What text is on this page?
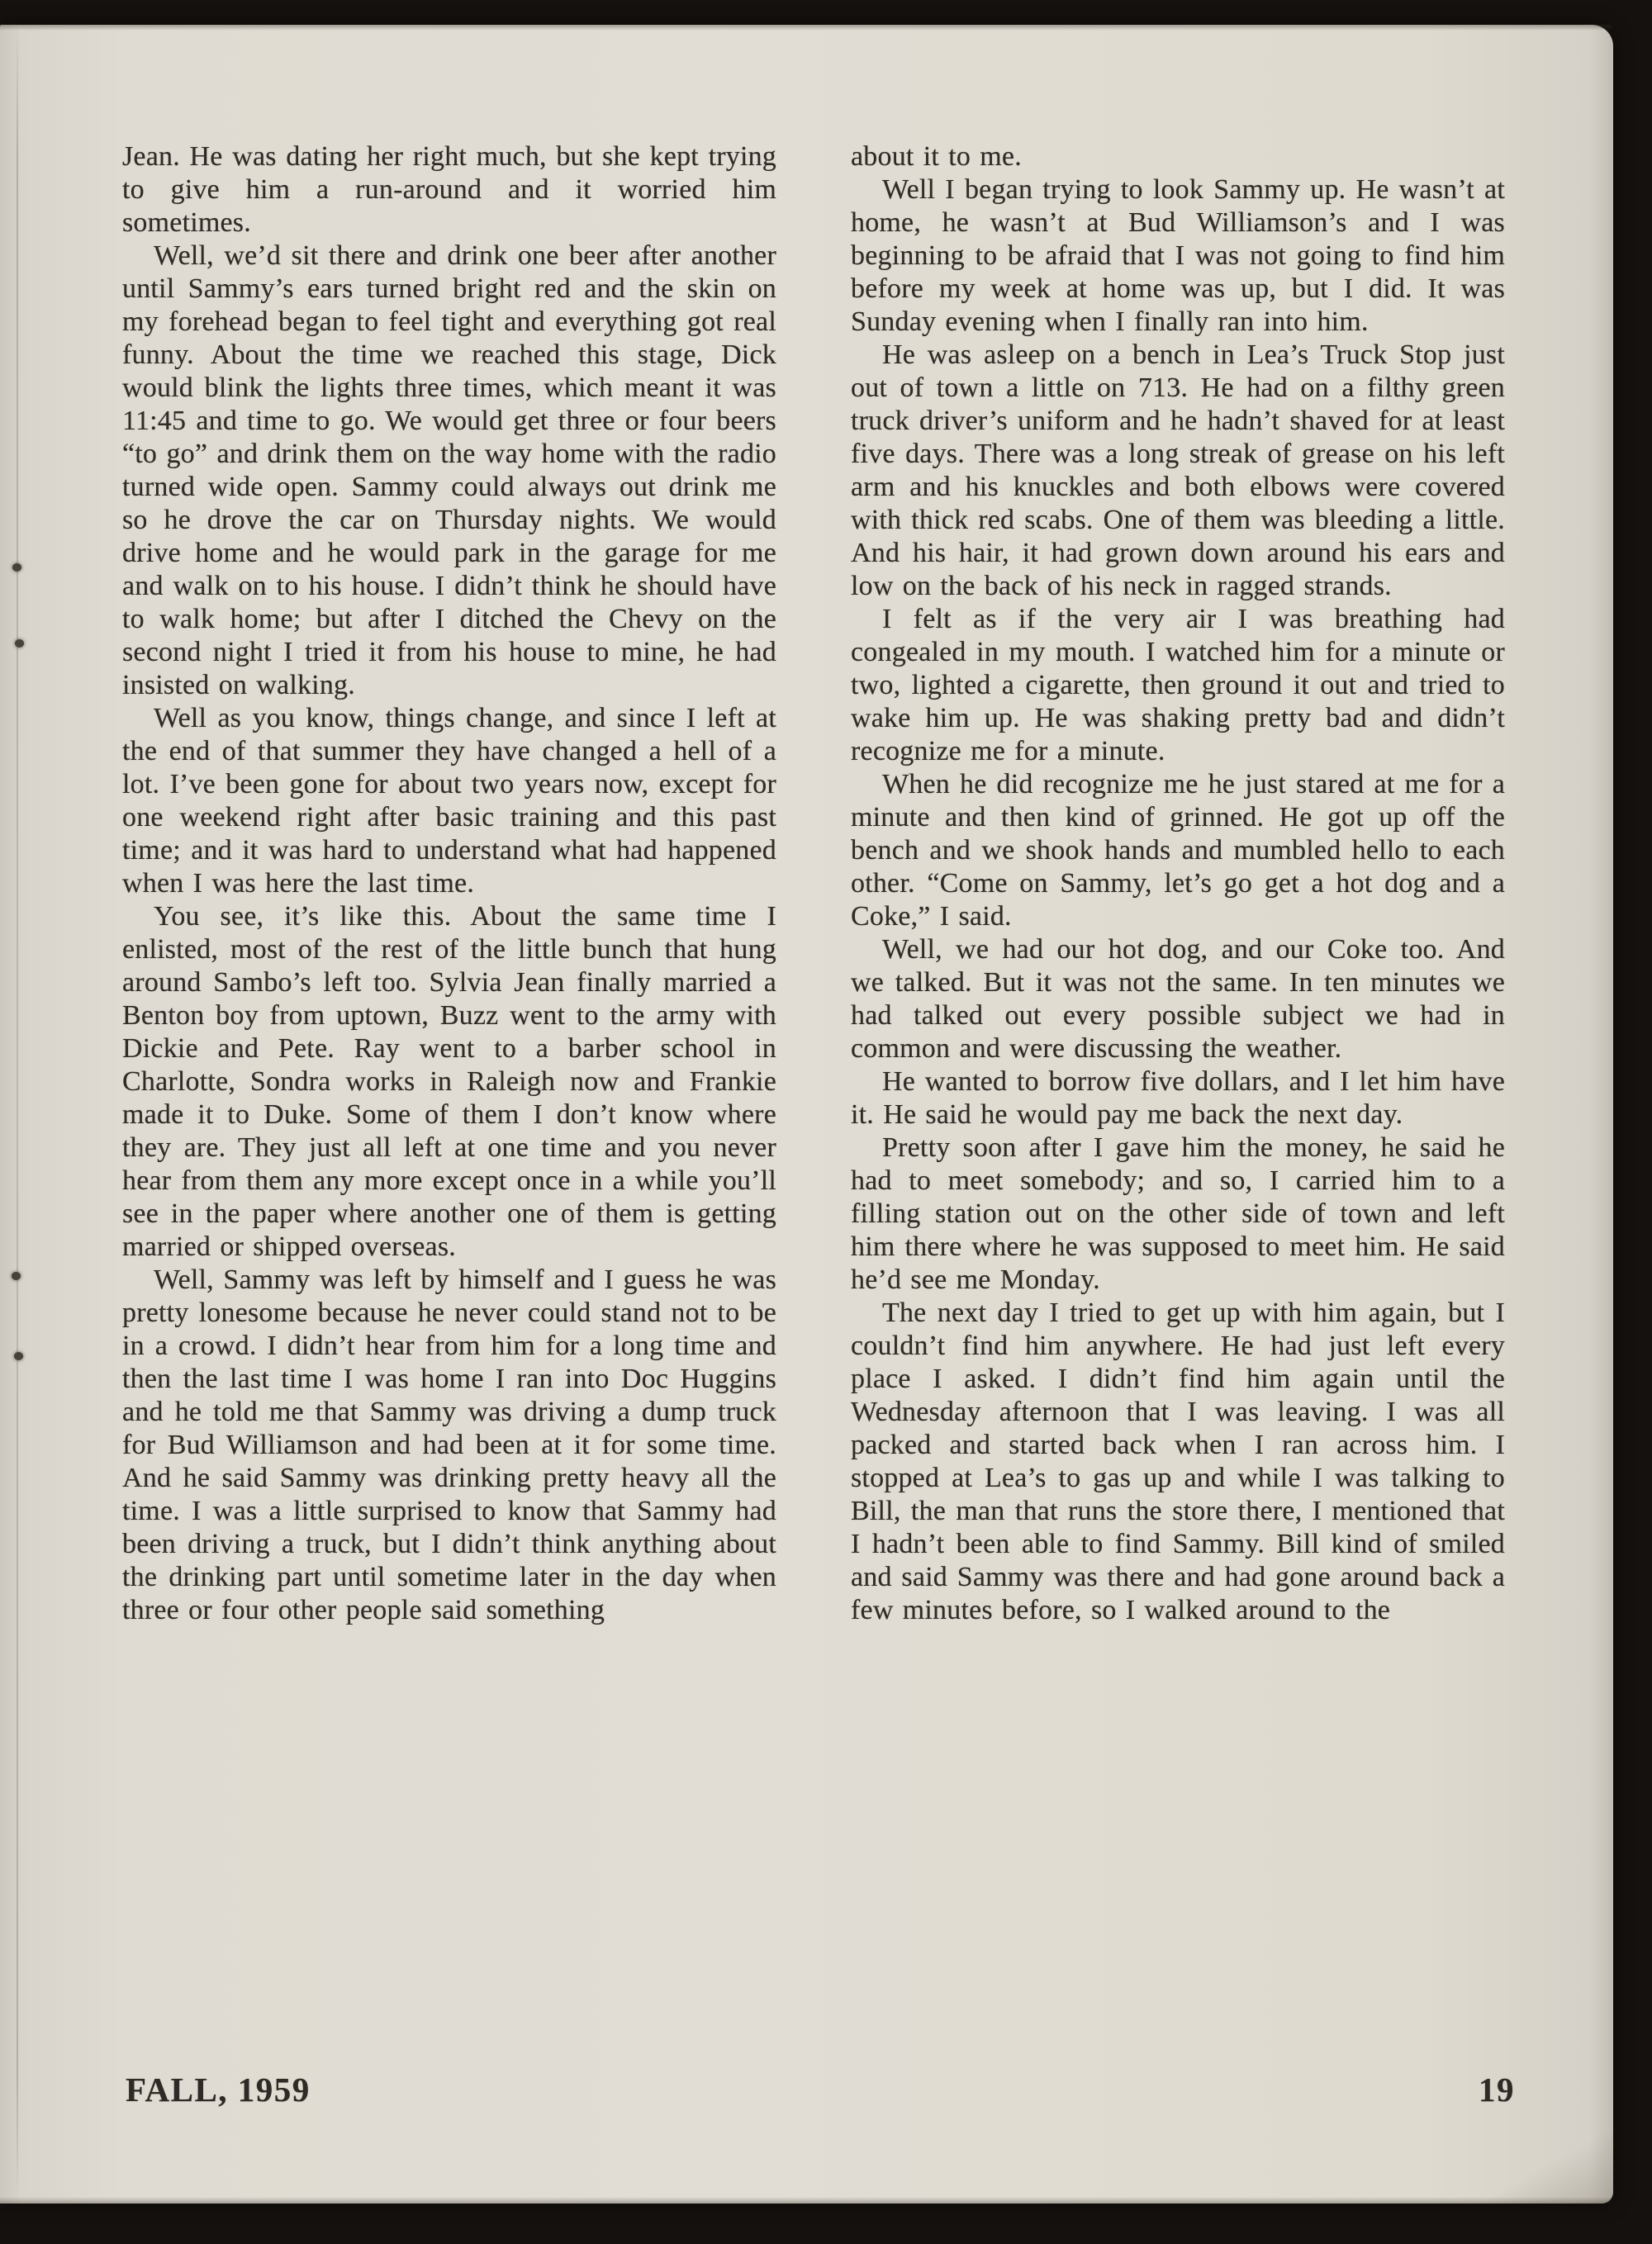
Jean. He was dating her right much, but she kept trying to give him a run-around and it worried him sometimes.

Well, we’d sit there and drink one beer after another until Sammy’s ears turned bright red and the skin on my forehead began to feel tight and everything got real funny. About the time we reached this stage, Dick would blink the lights three times, which meant it was 11:45 and time to go. We would get three or four beers “to go” and drink them on the way home with the radio turned wide open. Sammy could always out drink me so he drove the car on Thursday nights. We would drive home and he would park in the garage for me and walk on to his house. I didn’t think he should have to walk home; but after I ditched the Chevy on the second night I tried it from his house to mine, he had insisted on walking.

Well as you know, things change, and since I left at the end of that summer they have changed a hell of a lot. I’ve been gone for about two years now, except for one weekend right after basic training and this past time; and it was hard to understand what had happened when I was here the last time.

You see, it’s like this. About the same time I enlisted, most of the rest of the little bunch that hung around Sambo’s left too. Sylvia Jean finally married a Benton boy from uptown, Buzz went to the army with Dickie and Pete. Ray went to a barber school in Charlotte, Sondra works in Raleigh now and Frankie made it to Duke. Some of them I don’t know where they are. They just all left at one time and you never hear from them any more except once in a while you’ll see in the paper where another one of them is getting married or shipped overseas.

Well, Sammy was left by himself and I guess he was pretty lonesome because he never could stand not to be in a crowd. I didn’t hear from him for a long time and then the last time I was home I ran into Doc Huggins and he told me that Sammy was driving a dump truck for Bud Williamson and had been at it for some time. And he said Sammy was drinking pretty heavy all the time. I was a little surprised to know that Sammy had been driving a truck, but I didn’t think anything about the drinking part until sometime later in the day when three or four other people said something

about it to me.

Well I began trying to look Sammy up. He wasn’t at home, he wasn’t at Bud Williamson’s and I was beginning to be afraid that I was not going to find him before my week at home was up, but I did. It was Sunday evening when I finally ran into him.

He was asleep on a bench in Lea’s Truck Stop just out of town a little on 713. He had on a filthy green truck driver’s uniform and he hadn’t shaved for at least five days. There was a long streak of grease on his left arm and his knuckles and both elbows were covered with thick red scabs. One of them was bleeding a little. And his hair, it had grown down around his ears and low on the back of his neck in ragged strands.

I felt as if the very air I was breathing had congealed in my mouth. I watched him for a minute or two, lighted a cigarette, then ground it out and tried to wake him up. He was shaking pretty bad and didn’t recognize me for a minute.

When he did recognize me he just stared at me for a minute and then kind of grinned. He got up off the bench and we shook hands and mumbled hello to each other. “Come on Sammy, let’s go get a hot dog and a Coke,” I said.

Well, we had our hot dog, and our Coke too. And we talked. But it was not the same. In ten minutes we had talked out every possible subject we had in common and were discussing the weather.

He wanted to borrow five dollars, and I let him have it. He said he would pay me back the next day.

Pretty soon after I gave him the money, he said he had to meet somebody; and so, I carried him to a filling station out on the other side of town and left him there where he was supposed to meet him. He said he’d see me Monday.

The next day I tried to get up with him again, but I couldn’t find him anywhere. He had just left every place I asked. I didn’t find him again until the Wednesday afternoon that I was leaving. I was all packed and started back when I ran across him. I stopped at Lea’s to gas up and while I was talking to Bill, the man that runs the store there, I mentioned that I hadn’t been able to find Sammy. Bill kind of smiled and said Sammy was there and had gone around back a few minutes before, so I walked around to the

FALL, 1959	19
